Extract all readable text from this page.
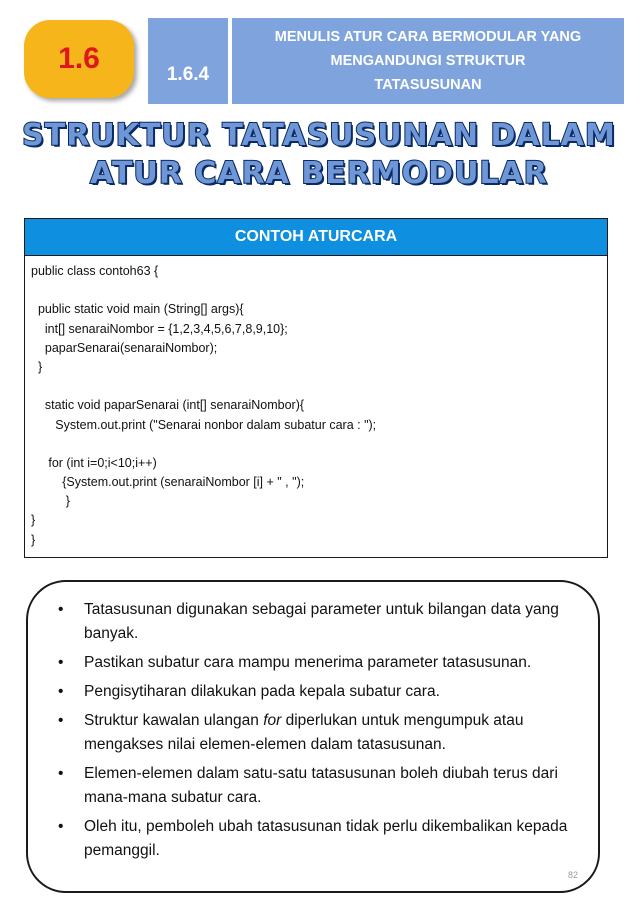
1.6	1.6.4
MENULIS ATUR CARA BERMODULAR YANG
MENGANDUNGI STRUKTUR
TATASUSUNAN
STRUKTUR TATASUSUNAN DALAM
ATUR CARA BERMODULAR
CONTOH ATURCARA
public class contoh63 {
public static void main (String[] args){
int[] senaraiNombor = {1,2,3,4,5,6,7,8,9,10};
paparSenarai(senaraiNombor);
}
static void paparSenarai (int[] senaraiNombor){
System.out.print ("Senarai nonbor dalam subatur cara : ");
for (int i=0;i<10;i++)
{System.out.print (senaraiNombor [i] + " , ");
}
}
}
• Tatasusunan digunakan sebagai parameter untuk bilangan data yang banyak.
• Pastikan subatur cara mampu menerima parameter tatasusunan.
• Pengisytiharan dilakukan pada kepala subatur cara.
• Struktur kawalan ulangan for diperlukan untuk mengumpuk atau mengakses nilai elemen-elemen dalam tatasusunan.
• Elemen-elemen dalam satu-satu tatasusunan boleh diubah terus dari mana-mana subatur cara.
• Oleh itu, pemboleh ubah tatasusunan tidak perlu dikembalikan kepada pemanggil.
82
